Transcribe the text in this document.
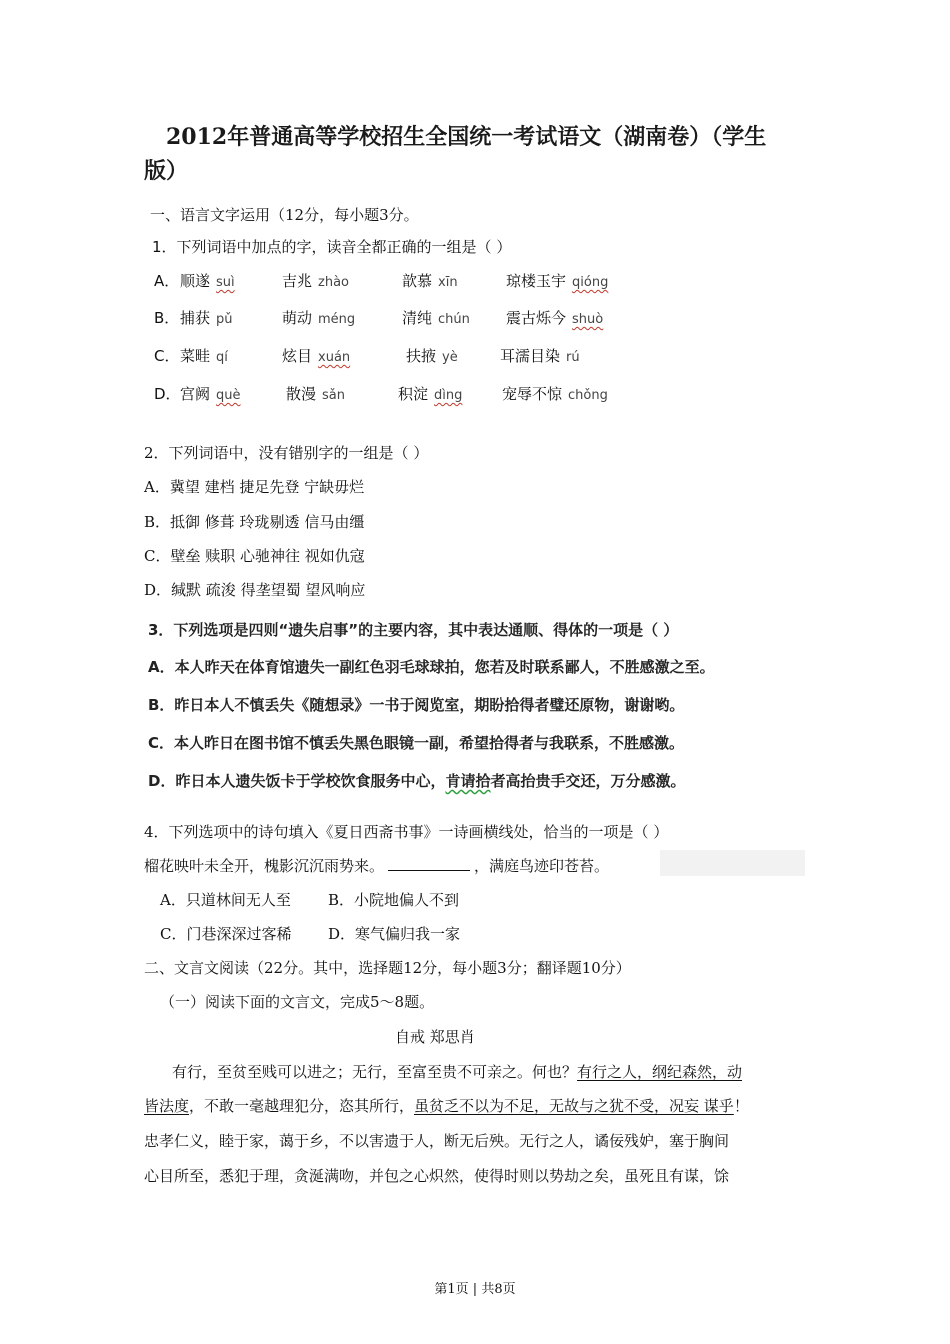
2012年普通高等学校招生全国统一考试语文（湖南卷）（学生
版）
一、语言文字运用（12分，每小题3分。
1．下列词语中加点的字，读音全都正确的一组是（ ）
A． 顺遂 suì	吉兆 zhào	歆慕 xīn	琼楼玉宇 qióng
B． 捕获 pǔ	萌动 méng	清纯 chún 震古烁今 shuò
C． 菜畦 qí	炫目 xuán	扶掖 yè	耳濡目染 rú
D． 宫阙 què	散漫 sǎn	积淀 dìng	宠辱不惊 chǒng
2．下列词语中，没有错别字的一组是（ ）
A．冀望 建档 捷足先登 宁缺毋烂
B．抵御 修葺 玲珑剔透 信马由缰
C．壁垒 赎职 心驰神往 视如仇寇
D．缄默 疏浚 得垄望蜀 望风响应
3．下列选项是四则“遗失启事”的主要内容，其中表达通顺、得体的一项是（ ）
A．本人昨天在体育馆遗失一副红色羽毛球球拍，您若及时联系鄙人，不胜感激之至。
B．昨日本人不慎丢失《随想录》一书于阅览室，期盼拾得者璧还原物，谢谢哟。
C．本人昨日在图书馆不慎丢失黑色眼镜一副，希望拾得者与我联系，不胜感激。
D．昨日本人遗失饭卡于学校饮食服务中心，肯请拾者高抬贵手交还，万分感激。
4．下列选项中的诗句填入《夏日西斋书事》一诗画横线处，恰当的一项是（ ）
榴花映叶未全开，槐影沉沉雨势来。	，满庭鸟迹印苍苔。
A．只道林间无人至 B．小院地偏人不到
C．门巷深深过客稀 D．寒气偏归我一家
二、文言文阅读（22分。其中，选择题12分，每小题3分；翻译题10分）
（一）阅读下面的文言文，完成5～8题。
自戒 郑思肖
有行，至贫至贱可以进之；无行，至富至贵不可亲之。何也？有行之人，纲纪森然，动
皆法度，不敢一毫越理犯分，恣其所行，虽贫乏不以为不足，无故与之犹不受，况妄 谋乎！
忠孝仁义，睦于家，蔼于乡，不以害遗于人，断无后殃。无行之人，谲佞残妒，塞于胸间
心目所至，悉犯于理，贪涎满吻，并包之心炽然，使得时则以势劫之矣，虽死且有谋，馀
第1页 | 共8页
